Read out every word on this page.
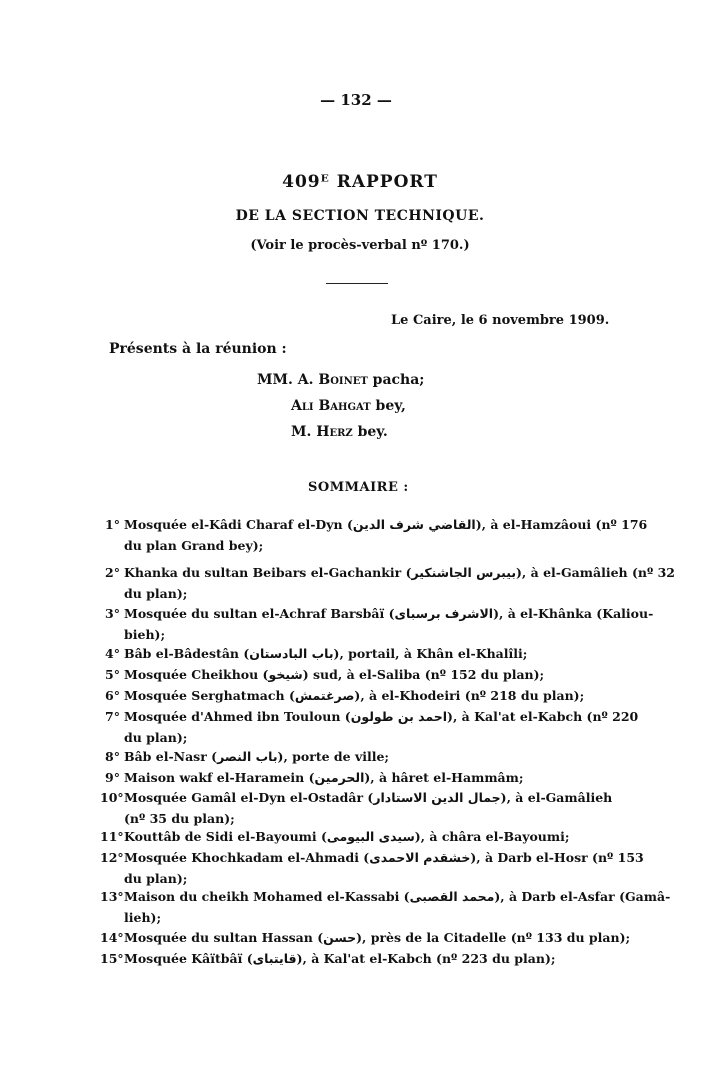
— 132 —
409ᴱ RAPPORT
DE LA SECTION TECHNIQUE.
(Voir le procès-verbal nº 170.)
Le Caire, le 6 novembre 1909.
Présents à la réunion :
MM. A. Boinet pacha;
Ali Bahgat bey,
M. Herz bey.
SOMMAIRE :
1° Mosquée el-Kâdi Charaf el-Dyn (القاضي شرف الدين), à el-Hamzâoui (nº 176
du plan Grand bey);
2° Khanka du sultan Beibars el-Gachankir (بيبرس الجاشنكير), à el-Gamâlieh (nº 32
du plan);
3° Mosquée du sultan el-Achraf Barsbâï (الاشرف برسباى), à el-Khânka (Kaliou-
bieh);
4° Bâb el-Bâdestân (باب البادستان), portail, à Khân el-Khalîli;
5° Mosquée Cheikhou (شيخو) sud, à el-Saliba (nº 152 du plan);
6° Mosquée Serghatmach (صرغتمش), à el-Khodeiri (nº 218 du plan);
7° Mosquée d'Ahmed ibn Touloun (احمد بن طولون), à Kal'at el-Kabch (nº 220
du plan);
8° Bâb el-Nasr (باب النصر), porte de ville;
9° Maison wakf el-Haramein (الحرمين), à hâret el-Hammâm;
10°Mosquée Gamâl el-Dyn el-Ostadâr (جمال الدين الاستادار), à el-Gamâlieh
(nº 35 du plan);
11°Kouttâb de Sidi el-Bayoumi (سيدى البيومى), à châra el-Bayoumi;
12°Mosquée Khochkadam el-Ahmadi (خشقدم الاحمدى), à Darb el-Hosr (nº 153
du plan);
13°Maison du cheikh Mohamed el-Kassabi (محمد القصبى), à Darb el-Asfar (Gamâ-
lieh);
14°Mosquée du sultan Hassan (حسن), près de la Citadelle (nº 133 du plan);
15°Mosquée Kâïtbâï (قايتباى), à Kal'at el-Kabch (nº 223 du plan);
